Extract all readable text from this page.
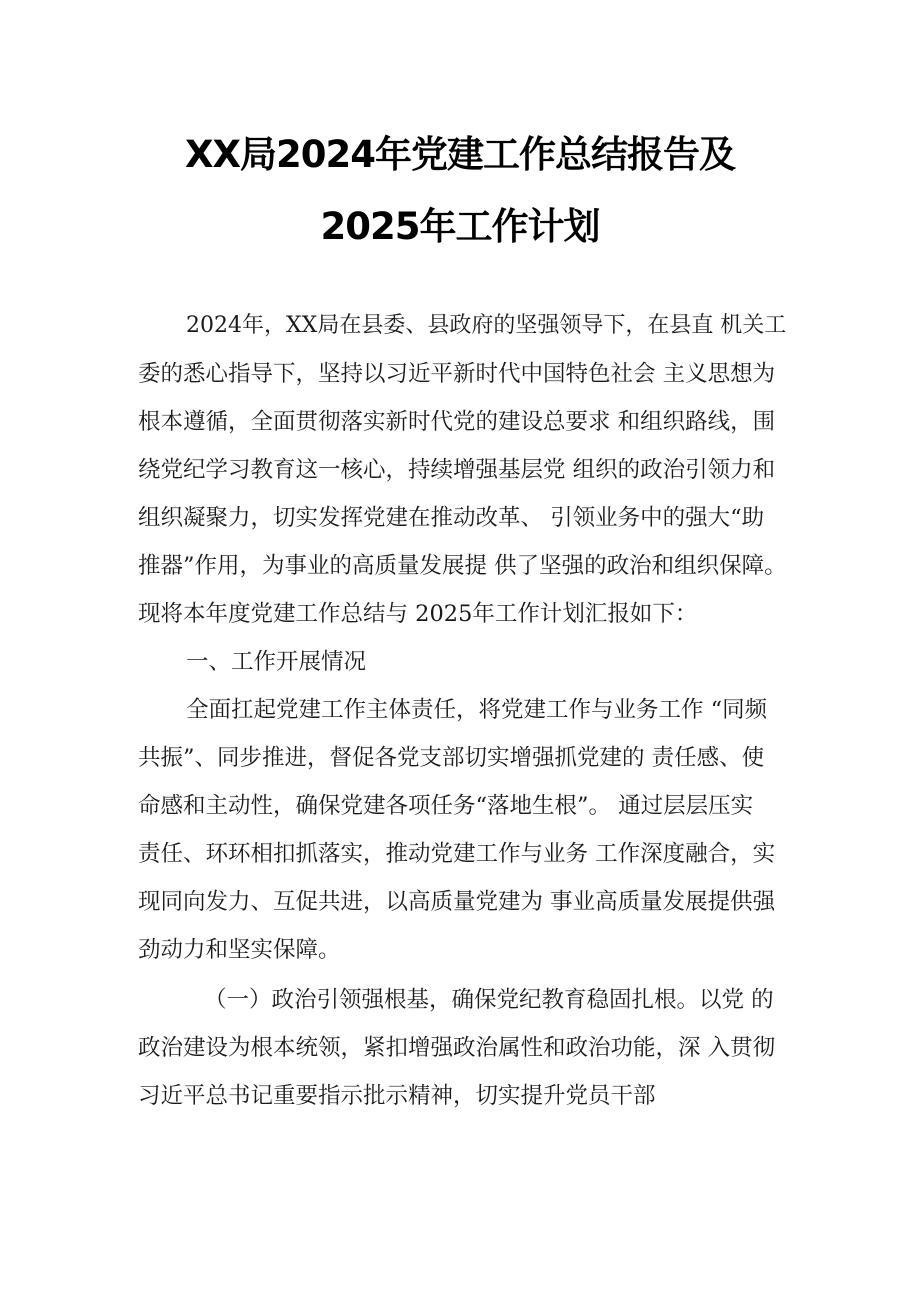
XX局2024年党建工作总结报告及
2025年工作计划
2024年，XX局在县委、县政府的坚强领导下，在县直 机关工
委的悉心指导下，坚持以习近平新时代中国特色社会 主义思想为
根本遵循，全面贯彻落实新时代党的建设总要求 和组织路线，围
绕党纪学习教育这一核心，持续增强基层党 组织的政治引领力和
组织凝聚力，切实发挥党建在推动改革、 引领业务中的强大“助
推器”作用，为事业的高质量发展提 供了坚强的政治和组织保障。
现将本年度党建工作总结与 2025年工作计划汇报如下：
一、工作开展情况
全面扛起党建工作主体责任，将党建工作与业务工作 “同频
共振”、同步推进，督促各党支部切实增强抓党建的 责任感、使
命感和主动性，确保党建各项任务“落地生根”。 通过层层压实
责任、环环相扣抓落实，推动党建工作与业务 工作深度融合，实
现同向发力、互促共进，以高质量党建为 事业高质量发展提供强
劲动力和坚实保障。
（一）政治引领强根基，确保党纪教育稳固扎根。以党 的
政治建设为根本统领，紧扣增强政治属性和政治功能，深 入贯彻
习近平总书记重要指示批示精神，切实提升党员干部
